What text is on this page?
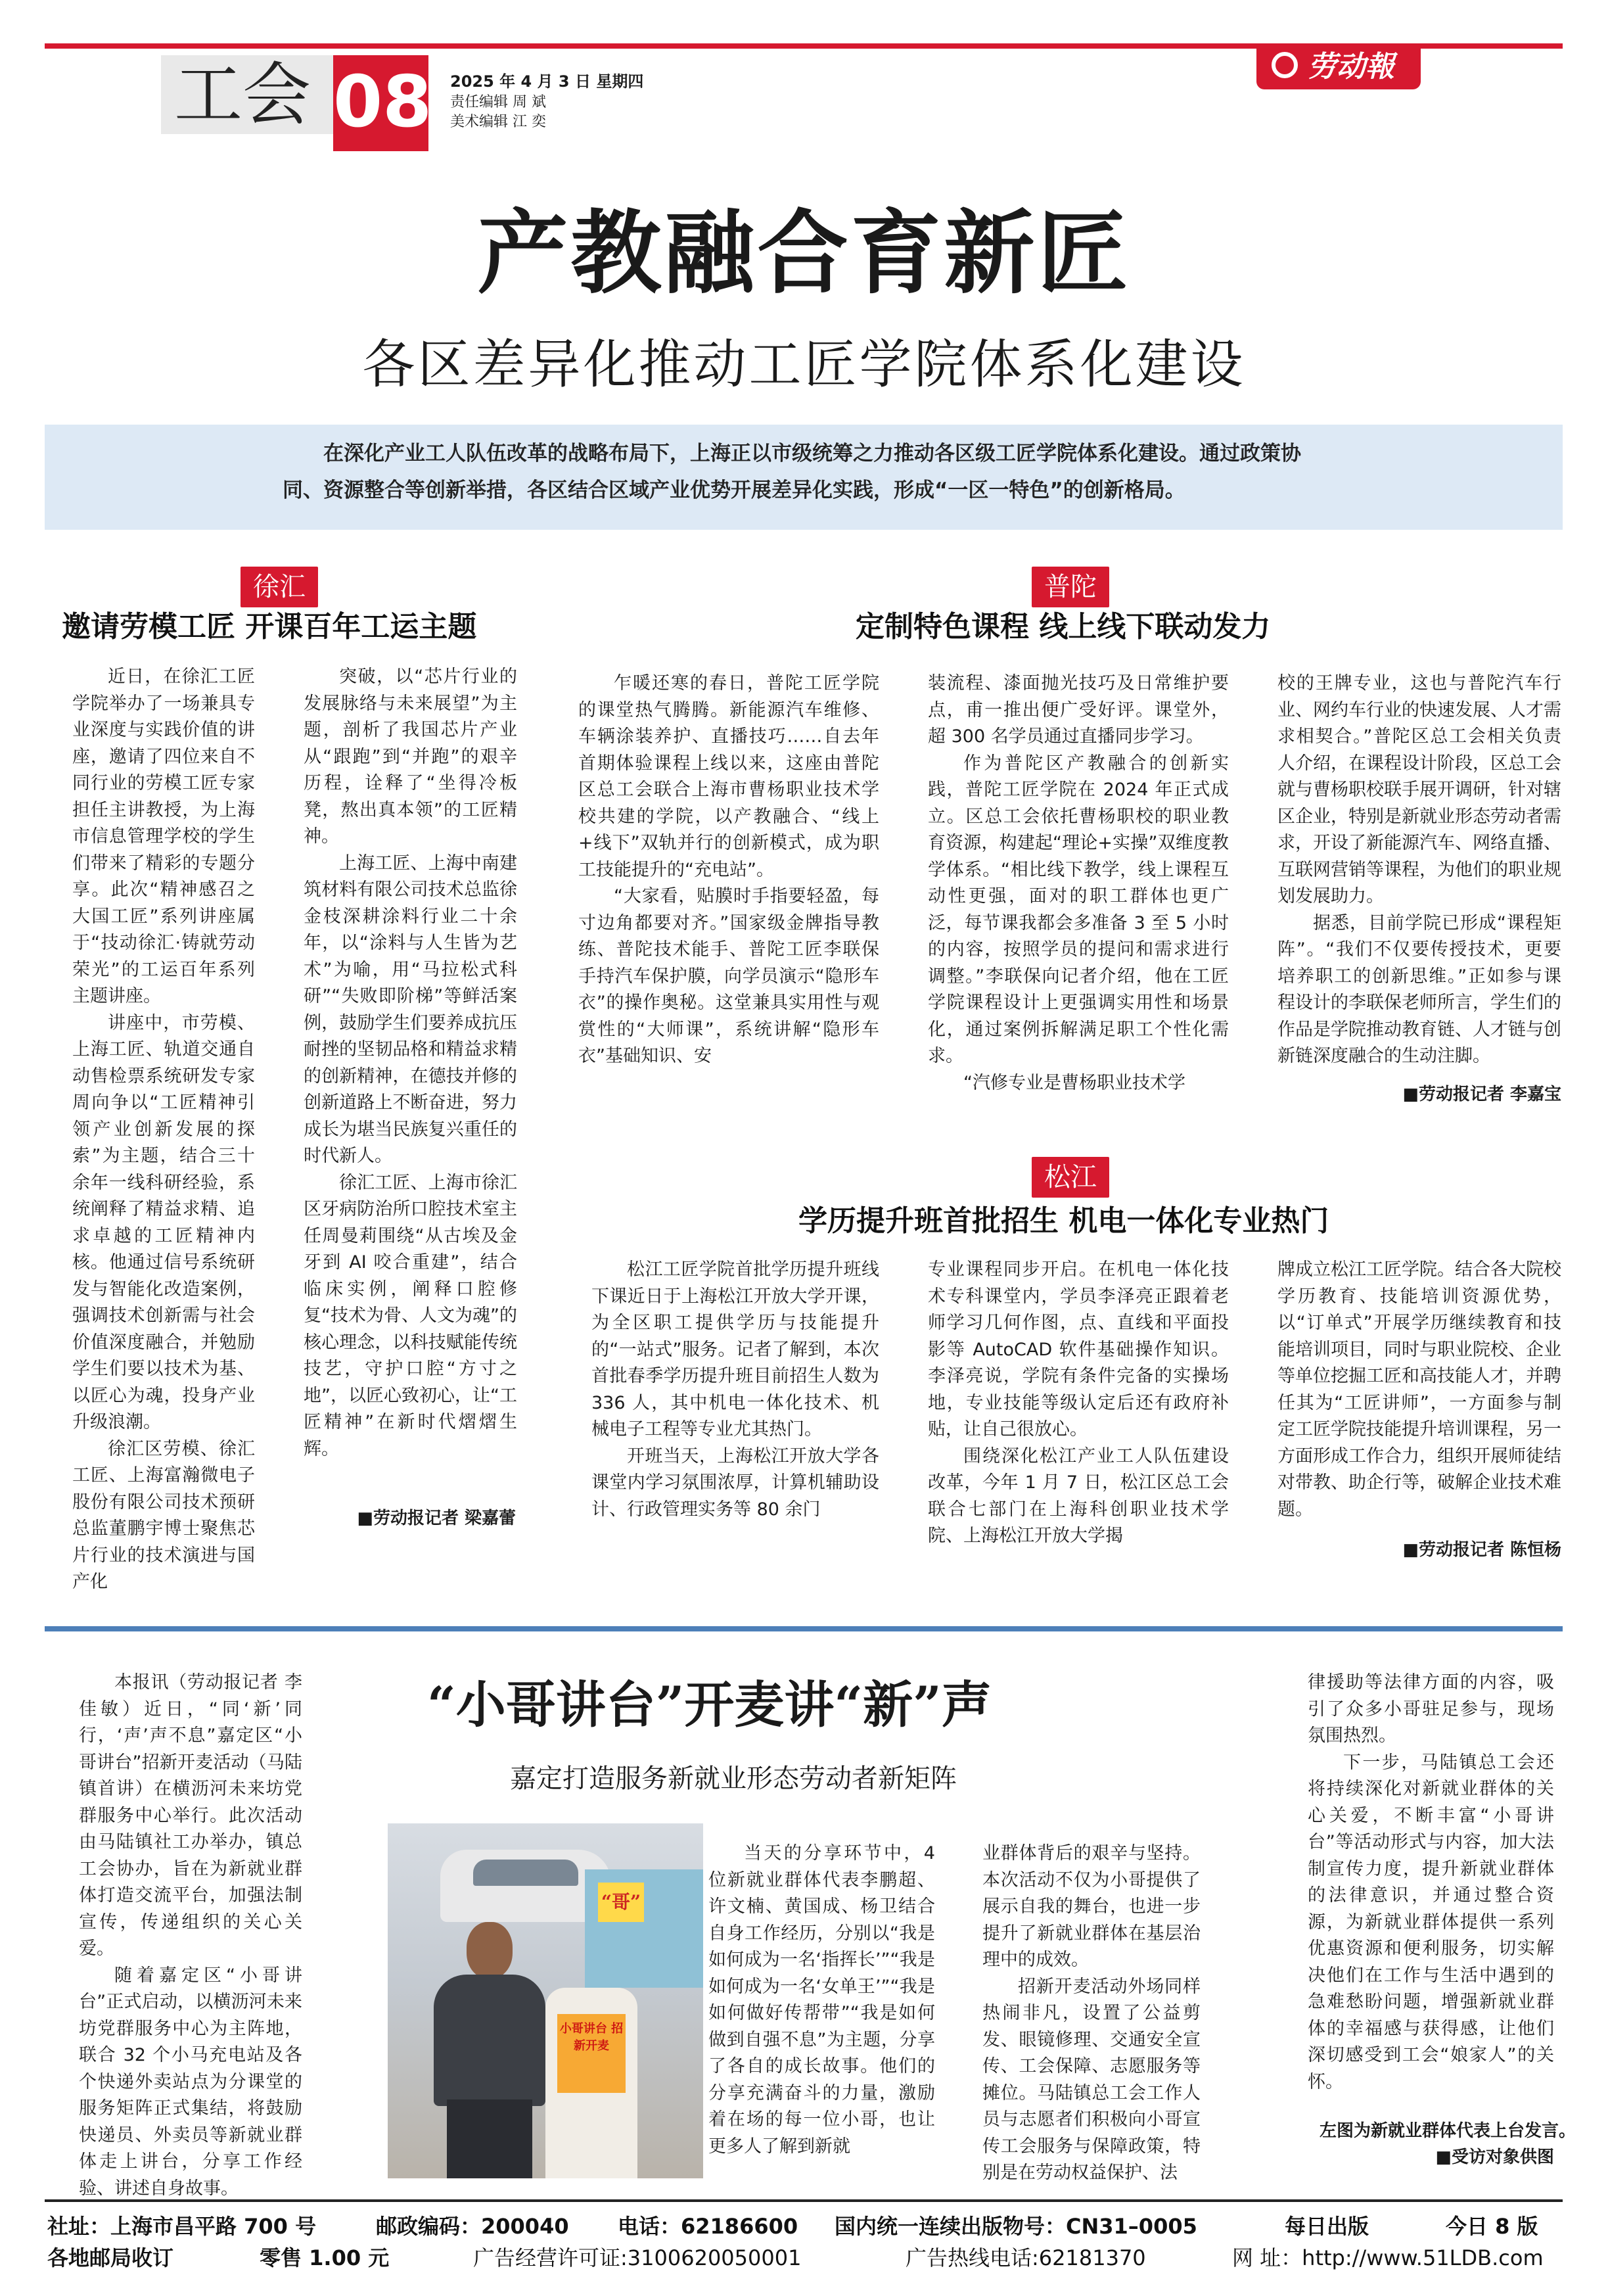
工会 08 2025 年 4 月 3 日 星期四
责任编辑 周 斌
美术编辑 江 奕
劳动報
产教融合育新匠
各区差异化推动工匠学院体系化建设
在深化产业工人队伍改革的战略布局下，上海正以市级统筹之力推动各区级工匠学院体系化建设。通过政策协同、资源整合等创新举措，各区结合区域产业优势开展差异化实践，形成“一区一特色”的创新格局。
徐汇
邀请劳模工匠 开课百年工运主题

近日，在徐汇工匠学院举办了一场兼具专业深度与实践价值的讲座，邀请了四位来自不同行业的劳模工匠专家担任主讲教授，为上海市信息管理学校的学生们带来了精彩的专题分享。此次“精神感召之大国工匠”系列讲座属于“技动徐汇·铸就劳动荣光”的工运百年系列主题讲座。

讲座中，市劳模、上海工匠、轨道交通自动售检票系统研发专家周向争以“工匠精神引领产业创新发展的探索”为主题，结合三十余年一线科研经验，系统阐释了精益求精、追求卓越的工匠精神内核。他通过信号系统研发与智能化改造案例，强调技术创新需与社会价值深度融合，并勉励学生们要以技术为基、以匠心为魂，投身产业升级浪潮。

徐汇区劳模、徐汇工匠、上海富瀚微电子股份有限公司技术预研总监董鹏宇博士聚焦芯片行业的技术演进与国产化

突破，以“芯片行业的发展脉络与未来展望”为主题，剖析了我国芯片产业从“跟跑”到“并跑”的艰辛历程，诠释了“坐得冷板凳，熬出真本领”的工匠精神。

上海工匠、上海中南建筑材料有限公司技术总监徐金枝深耕涂料行业二十余年，以“涂料与人生皆为艺术”为喻，用“马拉松式科研”“失败即阶梯”等鲜活案例，鼓励学生们要养成抗压耐挫的坚韧品格和精益求精的创新精神，在德技并修的创新道路上不断奋进，努力成长为堪当民族复兴重任的时代新人。

徐汇工匠、上海市徐汇区牙病防治所口腔技术室主任周曼莉围绕“从古埃及金牙到 AI 咬合重建”，结合临床实例，阐释口腔修复“技术为骨、人文为魂”的核心理念，以科技赋能传统技艺，守护口腔“方寸之地”，以匠心致初心，让“工匠精神”在新时代熠熠生辉。

■劳动报记者 梁嘉蕾
普陀
定制特色课程 线上线下联动发力

乍暖还寒的春日，普陀工匠学院的课堂热气腾腾。新能源汽车维修、车辆涂装养护、直播技巧……自去年首期体验课程上线以来，这座由普陀区总工会联合上海市曹杨职业技术学校共建的学院，以产教融合、“线上+线下”双轨并行的创新模式，成为职工技能提升的“充电站”。

“大家看，贴膜时手指要轻盈，每寸边角都要对齐。”国家级金牌指导教练、普陀技术能手、普陀工匠李联保手持汽车保护膜，向学员演示“隐形车衣”的操作奥秘。这堂兼具实用性与观赏性的“大师课”，系统讲解“隐形车衣”基础知识、安

装流程、漆面抛光技巧及日常维护要点，甫一推出便广受好评。课堂外，超 300 名学员通过直播同步学习。

作为普陀区产教融合的创新实践，普陀工匠学院在 2024 年正式成立。区总工会依托曹杨职校的职业教育资源，构建起“理论+实操”双维度教学体系。“相比线下教学，线上课程互动性更强，面对的职工群体也更广泛，每节课我都会多准备 3 至 5 小时的内容，按照学员的提问和需求进行调整。”李联保向记者介绍，他在工匠学院课程设计上更强调实用性和场景化，通过案例拆解满足职工个性化需求。

“汽修专业是曹杨职业技术学

校的王牌专业，这也与普陀汽车行业、网约车行业的快速发展、人才需求相契合。”普陀区总工会相关负责人介绍，在课程设计阶段，区总工会就与曹杨职校联手展开调研，针对辖区企业，特别是新就业形态劳动者需求，开设了新能源汽车、网络直播、互联网营销等课程，为他们的职业规划发展助力。

据悉，目前学院已形成“课程矩阵”。“我们不仅要传授技术，更要培养职工的创新思维。”正如参与课程设计的李联保老师所言，学生们的作品是学院推动教育链、人才链与创新链深度融合的生动注脚。

■劳动报记者 李嘉宝
松江
学历提升班首批招生 机电一体化专业热门

松江工匠学院首批学历提升班线下课近日于上海松江开放大学开课，为全区职工提供学历与技能提升的“一站式”服务。记者了解到，本次首批春季学历提升班目前招生人数为 336 人，其中机电一体化技术、机械电子工程等专业尤其热门。

开班当天，上海松江开放大学各课堂内学习氛围浓厚，计算机辅助设计、行政管理实务等 80 余门

专业课程同步开启。在机电一体化技术专科课堂内，学员李泽亮正跟着老师学习几何作图，点、直线和平面投影等 AutoCAD 软件基础操作知识。李泽亮说，学院有条件完备的实操场地，专业技能等级认定后还有政府补贴，让自己很放心。

围绕深化松江产业工人队伍建设改革，今年 1 月 7 日，松江区总工会联合七部门在上海科创职业技术学院、上海松江开放大学揭

牌成立松江工匠学院。结合各大院校学历教育、技能培训资源优势，以“订单式”开展学历继续教育和技能培训项目，同时与职业院校、企业等单位挖掘工匠和高技能人才，并聘任其为“工匠讲师”，一方面参与制定工匠学院技能提升培训课程，另一方面形成工作合力，组织开展师徒结对带教、助企行等，破解企业技术难题。

■劳动报记者 陈恒杨

本报讯（劳动报记者 李佳敏）近日，“同‘新’同行，‘声’声不息”嘉定区“小哥讲台”招新开麦活动（马陆镇首讲）在横沥河未来坊党群服务中心举行。此次活动由马陆镇社工办举办，镇总工会协办，旨在为新就业群体打造交流平台，加强法制宣传，传递组织的关心关爱。

随着嘉定区“小哥讲台”正式启动，以横沥河未来坊党群服务中心为主阵地，联合 32 个小马充电站及各个快递外卖站点为分课堂的服务矩阵正式集结，将鼓励快递员、外卖员等新就业群体走上讲台，分享工作经验、讲述自身故事。

“小哥讲台”开麦讲“新”声
嘉定打造服务新就业形态劳动者新矩阵
“哥”
小哥讲台 招新开麦

当天的分享环节中，4 位新就业群体代表李鹏超、许文楠、黄国成、杨卫结合自身工作经历，分别以“我是如何成为一名‘指挥长’”“我是如何成为一名‘女单王’”“我是如何做好传帮带”“我是如何做到自强不息”为主题，分享了各自的成长故事。他们的分享充满奋斗的力量，激励着在场的每一位小哥，也让更多人了解到新就

业群体背后的艰辛与坚持。本次活动不仅为小哥提供了展示自我的舞台，也进一步提升了新就业群体在基层治理中的成效。

招新开麦活动外场同样热闹非凡，设置了公益剪发、眼镜修理、交通安全宣传、工会保障、志愿服务等摊位。马陆镇总工会工作人员与志愿者们积极向小哥宣传工会服务与保障政策，特别是在劳动权益保护、法

律援助等法律方面的内容，吸引了众多小哥驻足参与，现场氛围热烈。

下一步，马陆镇总工会还将持续深化对新就业群体的关心关爱，不断丰富“小哥讲台”等活动形式与内容，加大法制宣传力度，提升新就业群体的法律意识，并通过整合资源，为新就业群体提供一系列优惠资源和便利服务，切实解决他们在工作与生活中遇到的急难愁盼问题，增强新就业群体的幸福感与获得感，让他们深切感受到工会“娘家人”的关怀。

左图为新就业群体代表上台发言。
■受访对象供图
社址：上海市昌平路 700 号	邮政编码：200040 电话：62186600 国内统一连续出版物号：CN31–0005	每日出版	今日 8 版
各地邮局收订	零售 1.00 元	广告经营许可证:3100620050001	广告热线电话:62181370	网 址：http://www.51LDB.com
